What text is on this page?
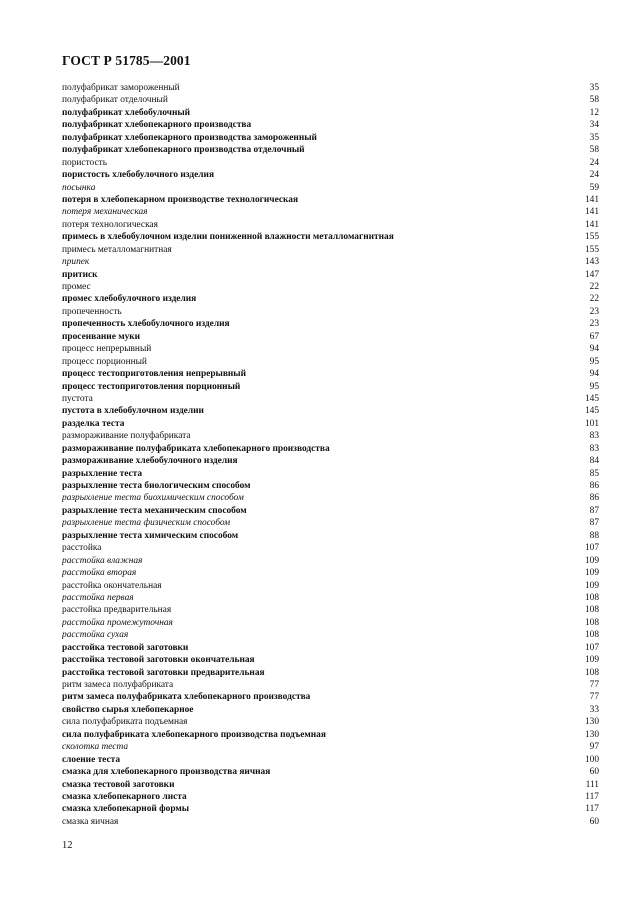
ГОСТ Р 51785—2001
полуфабрикат замороженный	35
полуфабрикат отделочный	58
полуфабрикат хлебобулочный	12
полуфабрикат хлебопекарного производства	34
полуфабрикат хлебопекарного производства замороженный	35
полуфабрикат хлебопекарного производства отделочный	58
пористость	24
пористость хлебобулочного изделия	24
посынка	59
потеря в хлебопекарном производстве технологическая	141
потеря механическая	141
потеря технологическая	141
примесь в хлебобулочном изделии пониженной влажности металломагнитная	155
примесь металломагнитная	155
припек	143
притиск	147
промес	22
промес хлебобулочного изделия	22
пропеченность	23
пропеченность хлебобулочного изделия	23
просеивание муки	67
процесс непрерывный	94
процесс порционный	95
процесс тестоприготовления непрерывный	94
процесс тестоприготовления порционный	95
пустота	145
пустота в хлебобулочном изделии	145
разделка теста	101
размораживание полуфабриката	83
размораживание полуфабриката хлебопекарного производства	83
размораживание хлебобулочного изделия	84
разрыхление теста	85
разрыхление теста биологическим способом	86
разрыхление теста биохимическим способом	86
разрыхление теста механическим способом	87
разрыхление теста физическим способом	87
разрыхление теста химическим способом	88
расстойка	107
расстойка влажная	109
расстойка вторая	109
расстойка окончательная	109
расстойка первая	108
расстойка предварительная	108
расстойка промежуточная	108
расстойка сухая	108
расстойка тестовой заготовки	107
расстойка тестовой заготовки окончательная	109
расстойка тестовой заготовки предварительная	108
ритм замеса полуфабриката	77
ритм замеса полуфабриката хлебопекарного производства	77
свойство сырья хлебопекарное	33
сила полуфабриката подъемная	130
сила полуфабриката хлебопекарного производства подъемная	130
сколотка теста	97
слоение теста	100
смазка для хлебопекарного производства яичная	60
смазка тестовой заготовки	111
смазка хлебопекарного листа	117
смазка хлебопекарной формы	117
смазка яичная	60
12
